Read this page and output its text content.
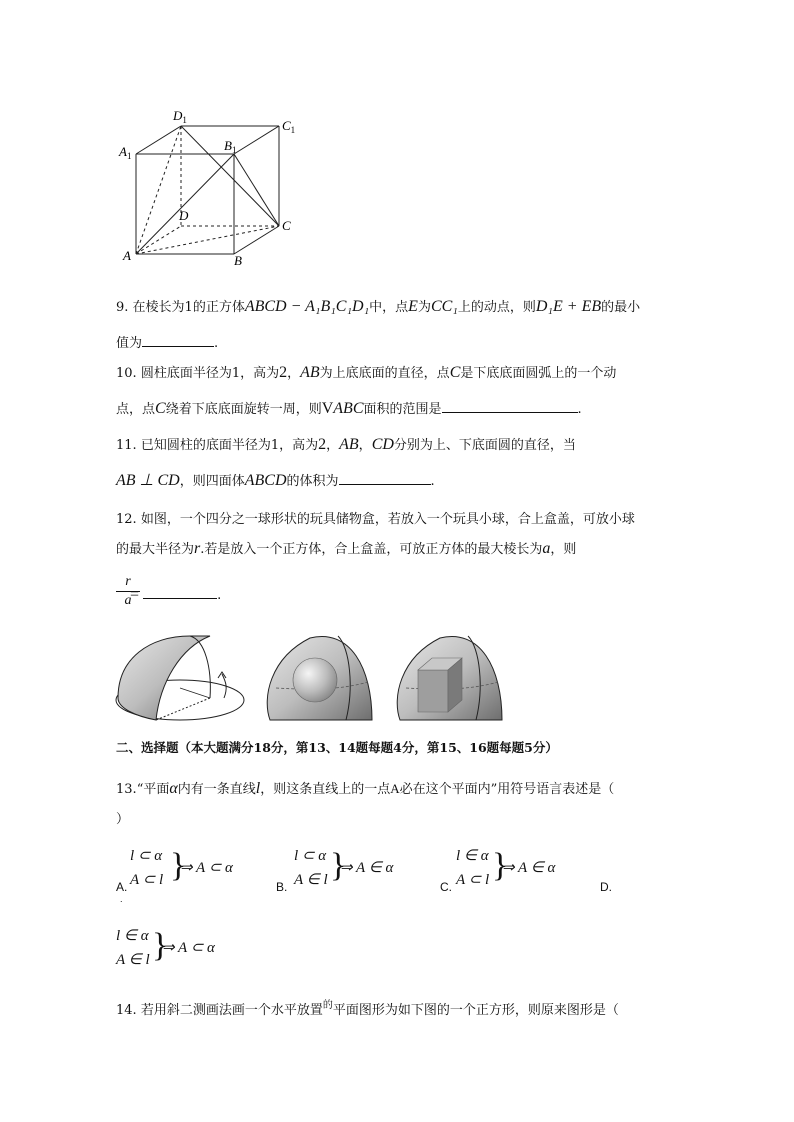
$D_1$	$C_1$
$A_1$
$B_1$
D
C
A	B
9. 在棱长为1的正方体ABCD − A₁B₁C₁D₁中，点E为CC₁上的动点，则D₁E + EB的最小
值为	.
10. 圆柱底面半径为1，高为2，AB为上底底面的直径，点C是下底底面圆弧上的一个动
点，点C绕着下底底面旋转一周，则VABC面积的范围是	.
11. 已知圆柱的底面半径为1，高为2，AB，CD分别为上、下底面圆的直径，当
AB ⊥ CD，则四面体ABCD的体积为	.
12. 如图，一个四分之一球形状的玩具储物盒，若放入一个玩具小球，合上盒盖，可放小球
的最大半径为r.若是放入一个正方体，合上盒盖，可放正方体的最大棱长为a，则
r
a
=	.
二、选择题（本大题满分18分，第13、14题每题4分，第15、16题每题5分）
13.“平面α内有一条直线l，则这条直线上的一点A必在这个平面内”用符号语言表述是（
）
A.
l ⊂ α
A ⊂ l }
⇒ A ⊂ α
.
B.
l ⊂ α
A ∈ l }
⇒ A ∈ α
C.
l ∈ α
A ⊂ l }
⇒ A ∈ α
D.
l ∈ α
A ∈ l }
⇒ A ⊂ α
14. 若用斜二测画法画一个水平放置$^的$平面图形为如下图的一个正方形，则原来图形是（
